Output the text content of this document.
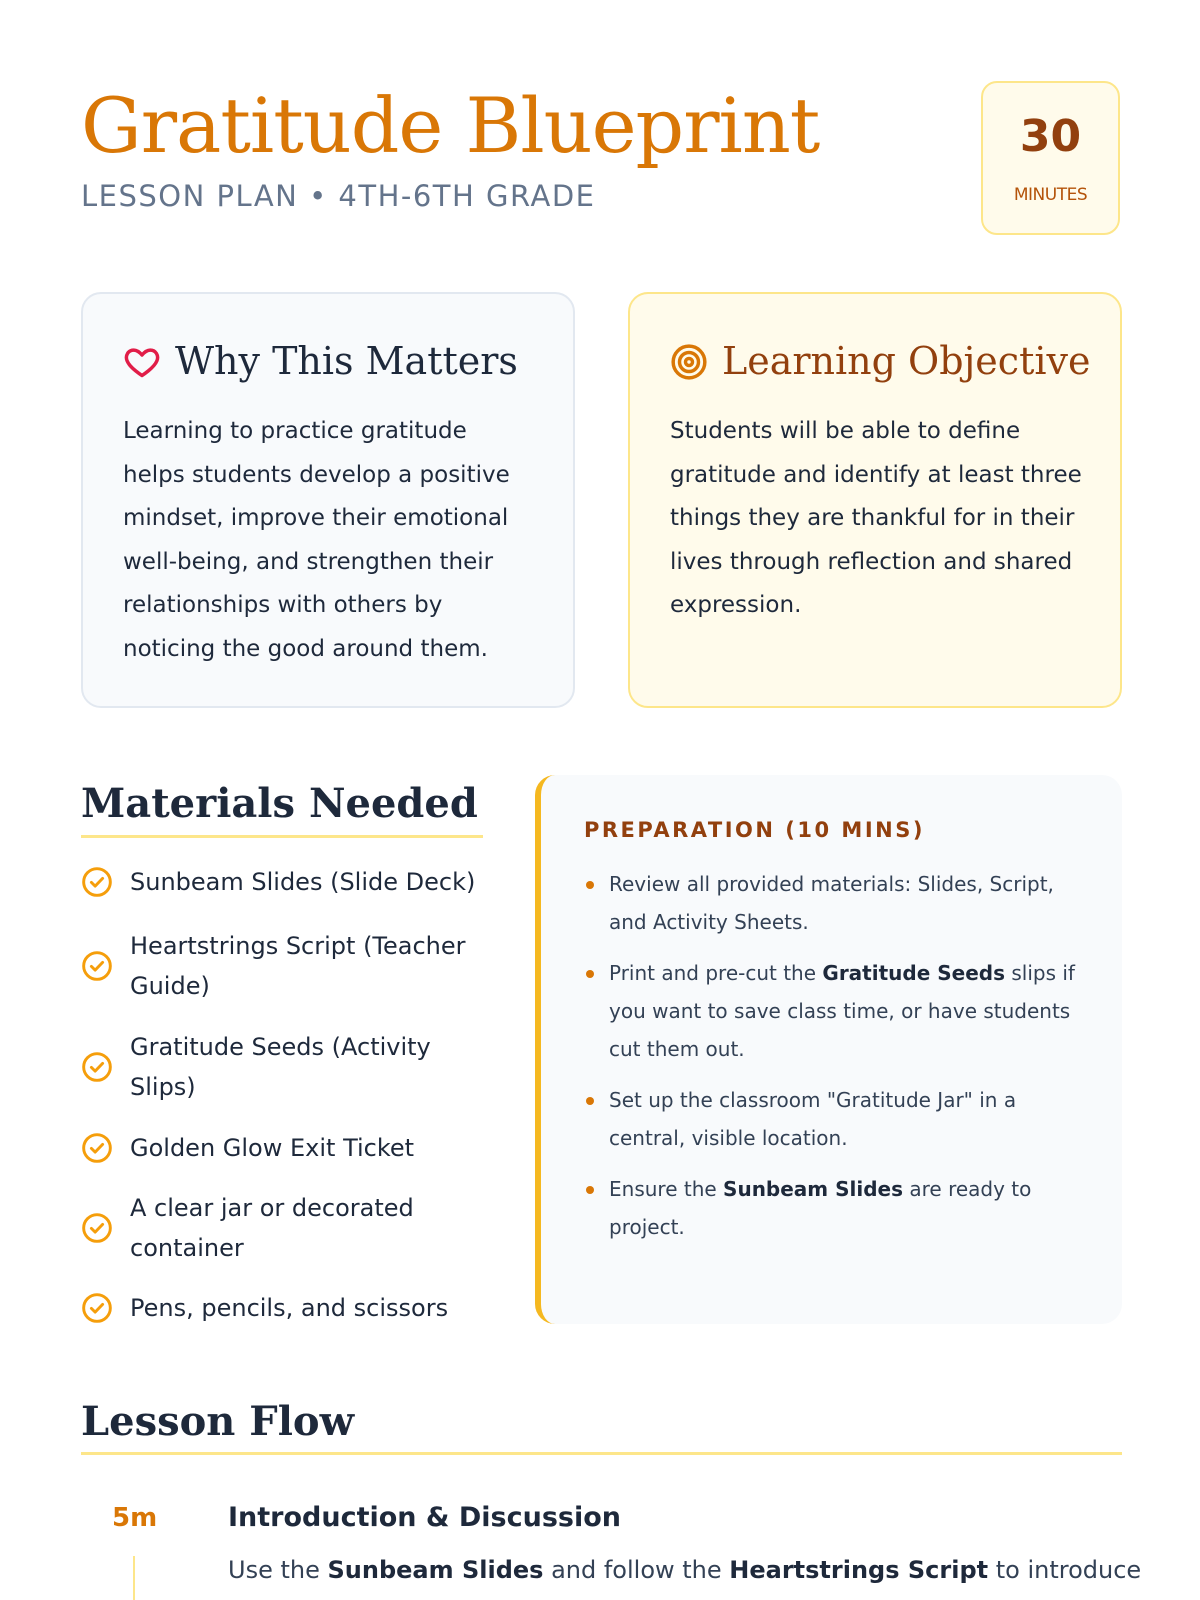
Gratitude Blueprint
LESSON PLAN • 4TH-6TH GRADE
30
MINUTES
Why This Matters

Learning to practice gratitude helps students develop a positive mindset, improve their emotional well-being, and strengthen their relationships with others by noticing the good around them.

Learning Objective

Students will be able to define gratitude and identify at least three things they are thankful for in their lives through reflection and shared expression.

Materials Needed
Sunbeam Slides (Slide Deck)
Heartstrings Script (Teacher Guide)
Gratitude Seeds (Activity Slips)
Golden Glow Exit Ticket
A clear jar or decorated container
Pens, pencils, and scissors
PREPARATION (10 MINS)
Review all provided materials: Slides, Script, and Activity Sheets.
Print and pre-cut the Gratitude Seeds slips if you want to save class time, or have students cut them out.
Set up the classroom "Gratitude Jar" in a central, visible location.
Ensure the Sunbeam Slides are ready to project.
Lesson Flow
5m	Introduction & Discussion
Use the Sunbeam Slides and follow the Heartstrings Script to introduce
